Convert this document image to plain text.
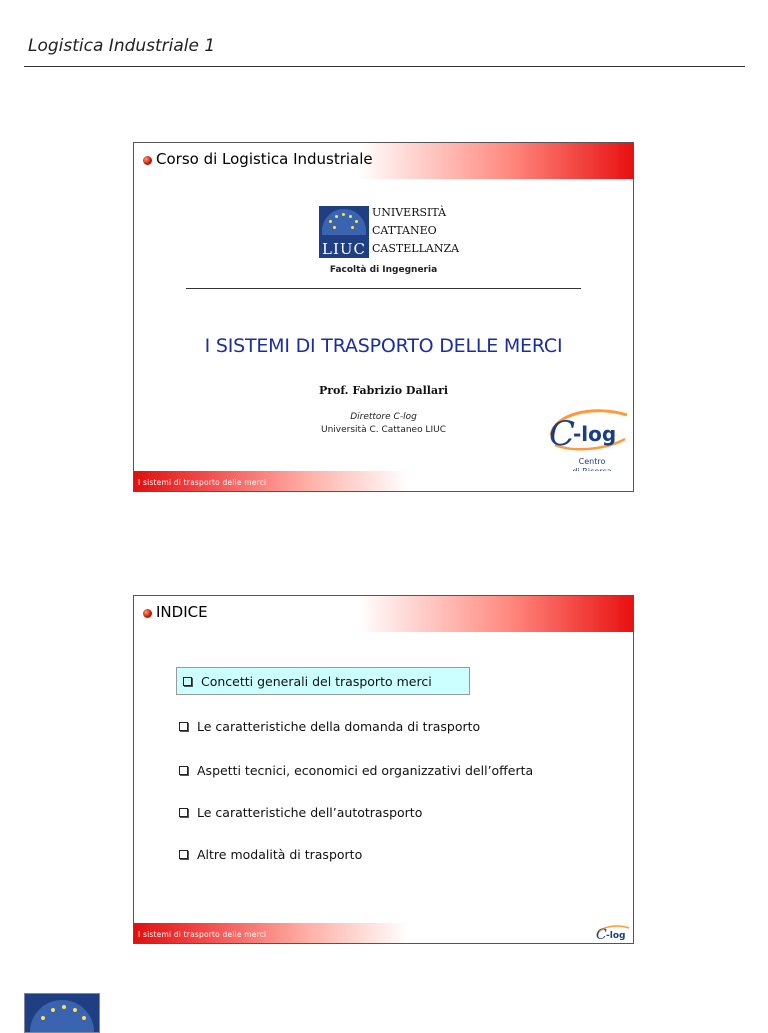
Logistica Industriale 1
Corso di Logistica Industriale
LIUC
UNIVERSITÀ
CATTANEO
CASTELLANZA
Facoltà di Ingegneria
I SISTEMI DI TRASPORTO DELLE MERCI
Prof. Fabrizio Dallari
Direttore C-log
Università C. Cattaneo LIUC	C
-log
Centro
I sistemi di trasporto delle merci
INDICE
Concetti generali del trasporto merci
Le caratteristiche della domanda di trasporto
Aspetti tecnici, economici ed organizzativi dell’offerta
Le caratteristiche dell’autotrasporto
Altre modalità di trasporto
I sistemi di trasporto delle merci	C -log
